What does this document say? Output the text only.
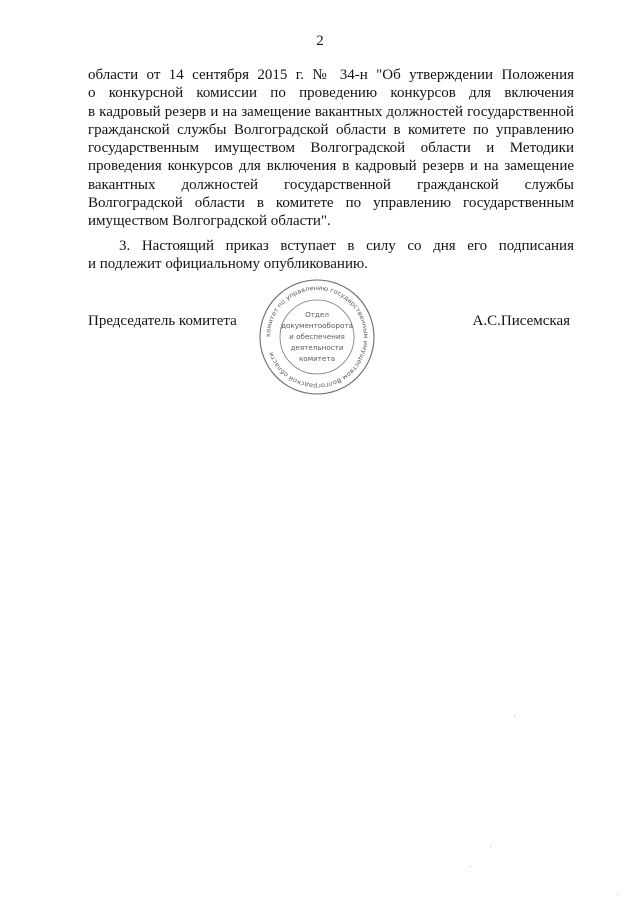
2
области от 14 сентября 2015 г. № 34-н "Об утверждении Положения
о конкурсной комиссии по проведению конкурсов для включения
в кадровый резерв и на замещение вакантных должностей государственной
гражданской службы Волгоградской области в комитете по управлению
государственным имуществом Волгоградской области и Методики
проведения конкурсов для включения в кадровый резерв и на замещение
вакантных должностей государственной гражданской службы
Волгоградской области в комитете по управлению государственным
имуществом Волгоградской области".
3. Настоящий приказ вступает в силу со дня его подписания
и подлежит официальному опубликованию.
Председатель комитета	А.С.Писемская
комитет по управлению государственным имуществом Волгоградской области
Отдел
документооборота
и обеспечения
деятельности
комитета
